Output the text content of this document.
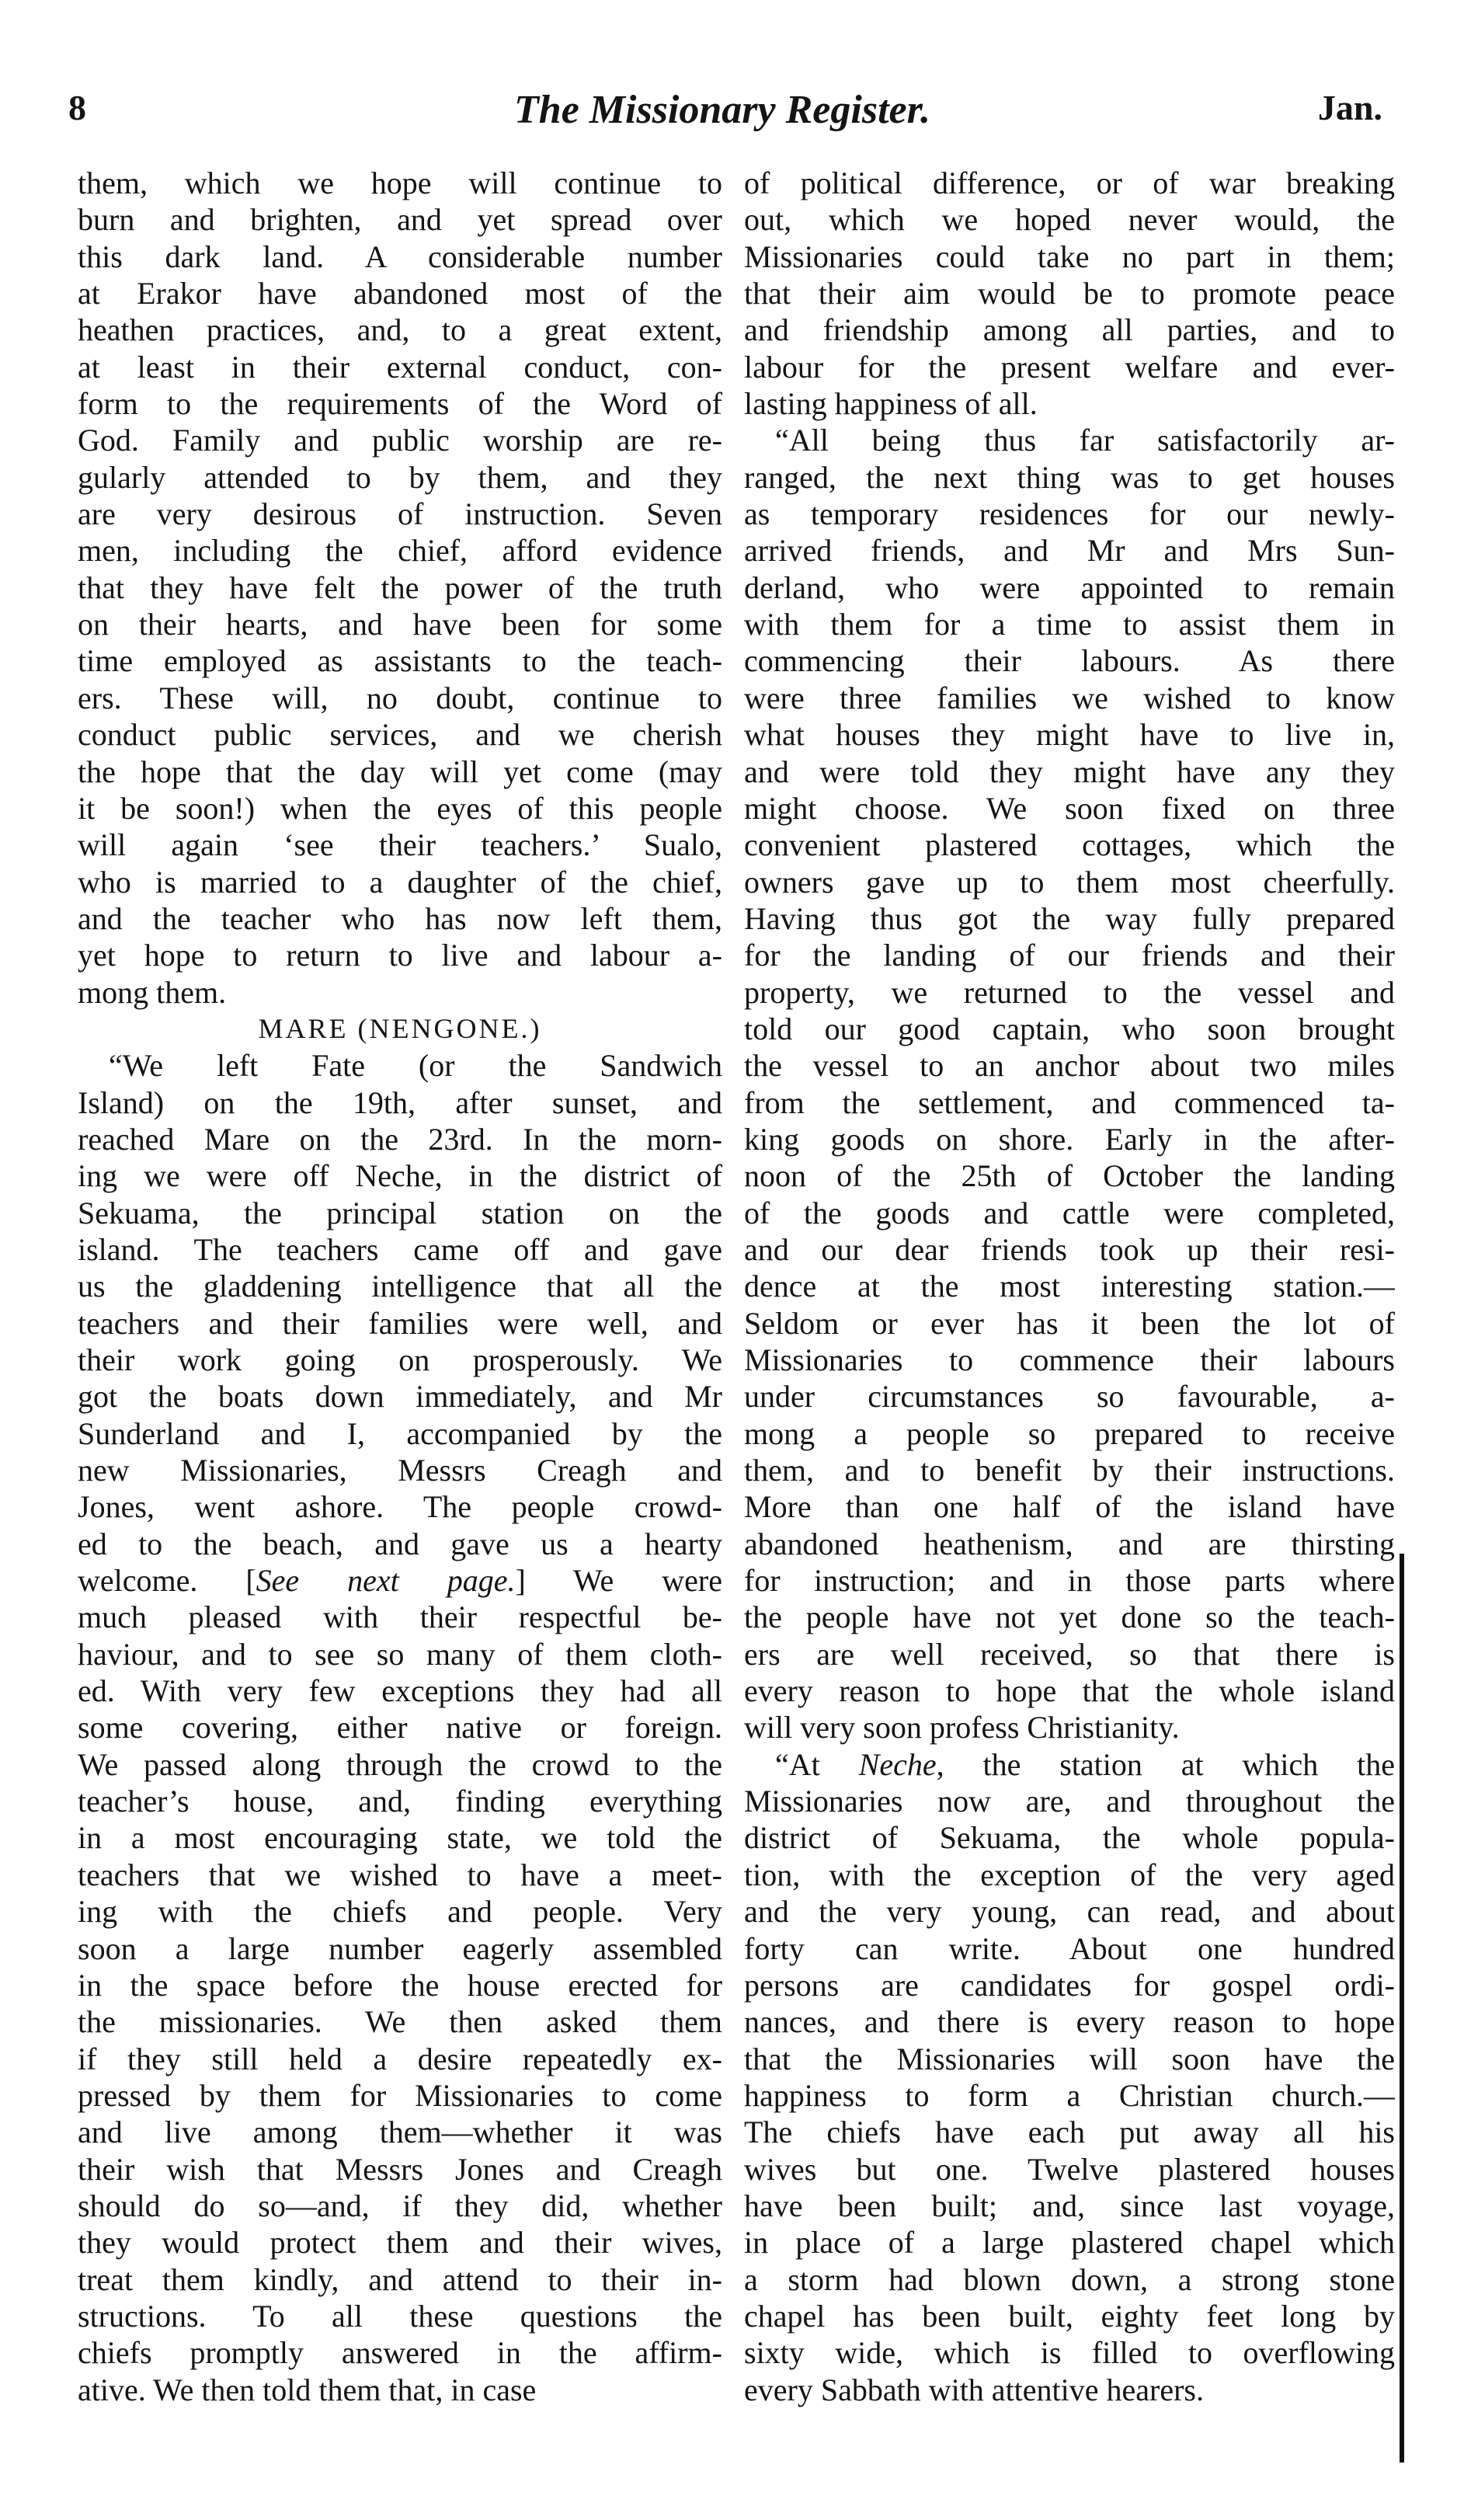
8	The Missionary Register.	Jan.
them, which we hope will continue to
burn and brighten, and yet spread over
this dark land. A considerable number
at Erakor have abandoned most of the
heathen practices, and, to a great extent,
at least in their external conduct, con-
form to the requirements of the Word of
God. Family and public worship are re-
gularly attended to by them, and they
are very desirous of instruction. Seven
men, including the chief, afford evidence
that they have felt the power of the truth
on their hearts, and have been for some
time employed as assistants to the teach-
ers. These will, no doubt, continue to
conduct public services, and we cherish
the hope that the day will yet come (may
it be soon!) when the eyes of this people
will again ‘see their teachers.’ Sualo,
who is married to a daughter of the chief,
and the teacher who has now left them,
yet hope to return to live and labour a-
mong them.
MARE (NENGONE.)
“We left Fate (or the Sandwich
Island) on the 19th, after sunset, and
reached Mare on the 23rd. In the morn-
ing we were off Neche, in the district of
Sekuama, the principal station on the
island. The teachers came off and gave
us the gladdening intelligence that all the
teachers and their families were well, and
their work going on prosperously. We
got the boats down immediately, and Mr
Sunderland and I, accompanied by the
new Missionaries, Messrs Creagh and
Jones, went ashore. The people crowd-
ed to the beach, and gave us a hearty
welcome. [See next page.] We were
much pleased with their respectful be-
haviour, and to see so many of them cloth-
ed. With very few exceptions they had all
some covering, either native or foreign.
We passed along through the crowd to the
teacher’s house, and, finding everything
in a most encouraging state, we told the
teachers that we wished to have a meet-
ing with the chiefs and people. Very
soon a large number eagerly assembled
in the space before the house erected for
the missionaries. We then asked them
if they still held a desire repeatedly ex-
pressed by them for Missionaries to come
and live among them—whether it was
their wish that Messrs Jones and Creagh
should do so—and, if they did, whether
they would protect them and their wives,
treat them kindly, and attend to their in-
structions. To all these questions the
chiefs promptly answered in the affirm-
ative. We then told them that, in case
of political difference, or of war breaking
out, which we hoped never would, the
Missionaries could take no part in them;
that their aim would be to promote peace
and friendship among all parties, and to
labour for the present welfare and ever-
lasting happiness of all.
“All being thus far satisfactorily ar-
ranged, the next thing was to get houses
as temporary residences for our newly-
arrived friends, and Mr and Mrs Sun-
derland, who were appointed to remain
with them for a time to assist them in
commencing their labours. As there
were three families we wished to know
what houses they might have to live in,
and were told they might have any they
might choose. We soon fixed on three
convenient plastered cottages, which the
owners gave up to them most cheerfully.
Having thus got the way fully prepared
for the landing of our friends and their
property, we returned to the vessel and
told our good captain, who soon brought
the vessel to an anchor about two miles
from the settlement, and commenced ta-
king goods on shore. Early in the after-
noon of the 25th of October the landing
of the goods and cattle were completed,
and our dear friends took up their resi-
dence at the most interesting station.—
Seldom or ever has it been the lot of
Missionaries to commence their labours
under circumstances so favourable, a-
mong a people so prepared to receive
them, and to benefit by their instructions.
More than one half of the island have
abandoned heathenism, and are thirsting
for instruction; and in those parts where
the people have not yet done so the teach-
ers are well received, so that there is
every reason to hope that the whole island
will very soon profess Christianity.
“At Neche, the station at which the
Missionaries now are, and throughout the
district of Sekuama, the whole popula-
tion, with the exception of the very aged
and the very young, can read, and about
forty can write. About one hundred
persons are candidates for gospel ordi-
nances, and there is every reason to hope
that the Missionaries will soon have the
happiness to form a Christian church.—
The chiefs have each put away all his
wives but one. Twelve plastered houses
have been built; and, since last voyage,
in place of a large plastered chapel which
a storm had blown down, a strong stone
chapel has been built, eighty feet long by
sixty wide, which is filled to overflowing
every Sabbath with attentive hearers.
